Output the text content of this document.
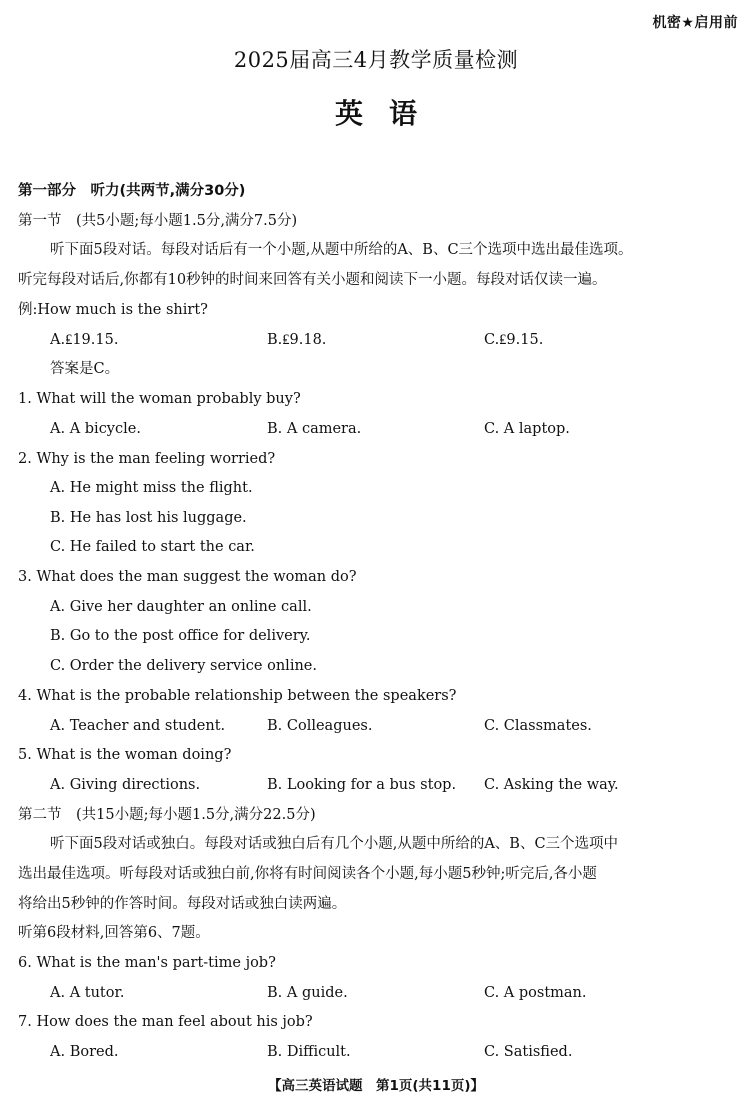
机密★启用前
2025届高三4月教学质量检测
英语
第一部分　听力(共两节,满分30分)
第一节　(共5小题;每小题1.5分,满分7.5分)
听下面5段对话。每段对话后有一个小题,从题中所给的A、B、C三个选项中选出最佳选项。
听完每段对话后,你都有10秒钟的时间来回答有关小题和阅读下一小题。每段对话仅读一遍。
例:How much is the shirt?
A.₤19.15.	B.₤9.18.	C.₤9.15.
答案是C。
1. What will the woman probably buy?
A. A bicycle.	B. A camera.	C. A laptop.
2. Why is the man feeling worried?
A. He might miss the flight.
B. He has lost his luggage.
C. He failed to start the car.
3. What does the man suggest the woman do?
A. Give her daughter an online call.
B. Go to the post office for delivery.
C. Order the delivery service online.
4. What is the probable relationship between the speakers?
A. Teacher and student.	B. Colleagues.	C. Classmates.
5. What is the woman doing?
A. Giving directions.	B. Looking for a bus stop. C. Asking the way.
第二节　(共15小题;每小题1.5分,满分22.5分)
听下面5段对话或独白。每段对话或独白后有几个小题,从题中所给的A、B、C三个选项中
选出最佳选项。听每段对话或独白前,你将有时间阅读各个小题,每小题5秒钟;听完后,各小题
将给出5秒钟的作答时间。每段对话或独白读两遍。
听第6段材料,回答第6、7题。
6. What is the man's part-time job?
A. A tutor.	B. A guide.	C. A postman.
7. How does the man feel about his job?
A. Bored.	B. Difficult.	C. Satisfied.
【高三英语试题　第1页(共11页)】
